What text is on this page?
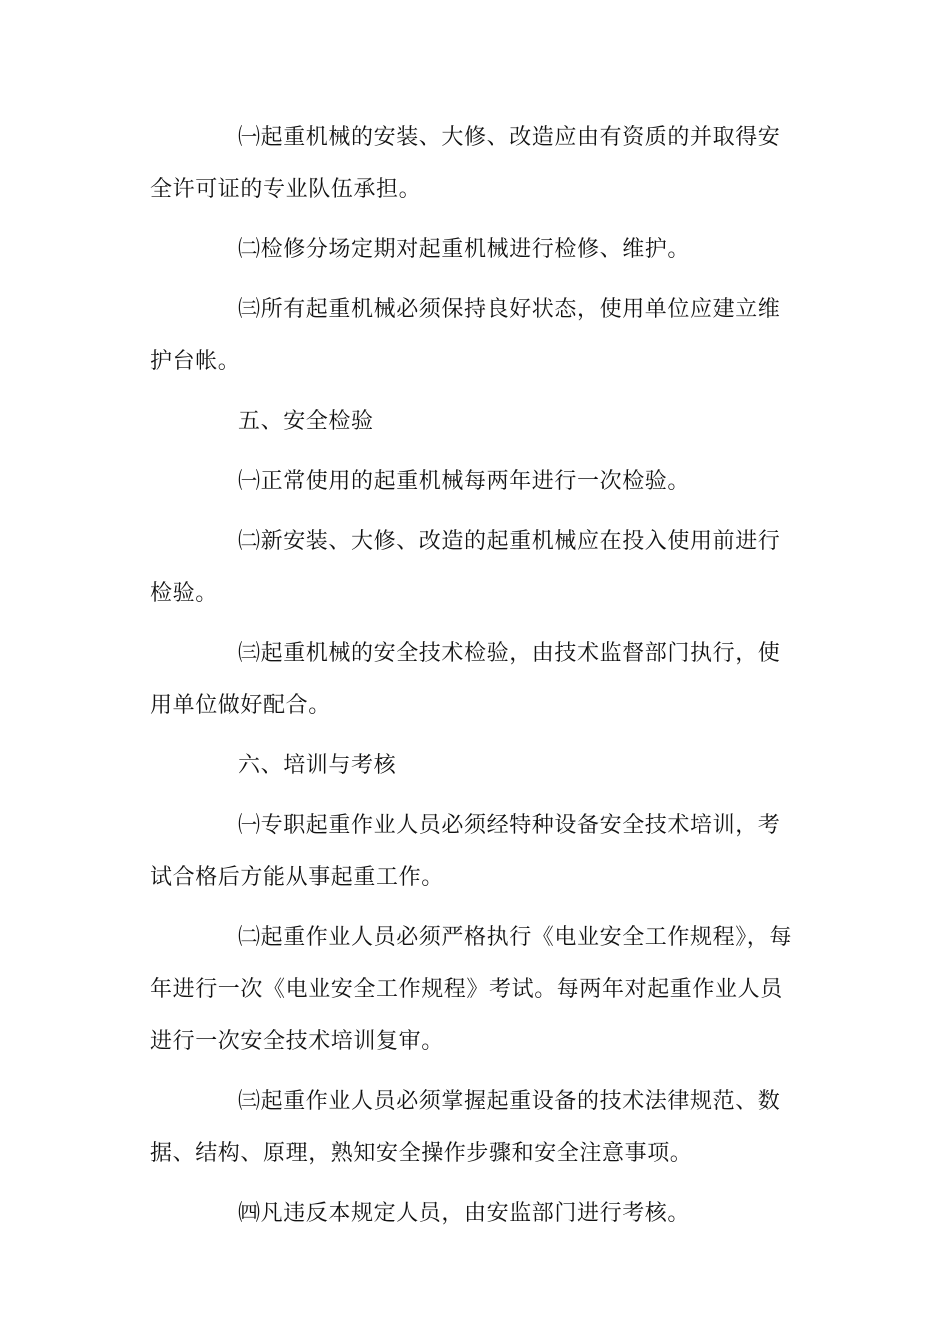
㈠起重机械的安装、大修、改造应由有资质的并取得安全许可证的专业队伍承担。

㈡检修分场定期对起重机械进行检修、维护。

㈢所有起重机械必须保持良好状态，使用单位应建立维护台帐。

五、安全检验

㈠正常使用的起重机械每两年进行一次检验。

㈡新安装、大修、改造的起重机械应在投入使用前进行检验。

㈢起重机械的安全技术检验，由技术监督部门执行，使用单位做好配合。

六、培训与考核

㈠专职起重作业人员必须经特种设备安全技术培训，考试合格后方能从事起重工作。

㈡起重作业人员必须严格执行《电业安全工作规程》，每年进行一次《电业安全工作规程》考试。每两年对起重作业人员进行一次安全技术培训复审。

㈢起重作业人员必须掌握起重设备的技术法律规范、数据、结构、原理，熟知安全操作步骤和安全注意事项。

㈣凡违反本规定人员，由安监部门进行考核。
